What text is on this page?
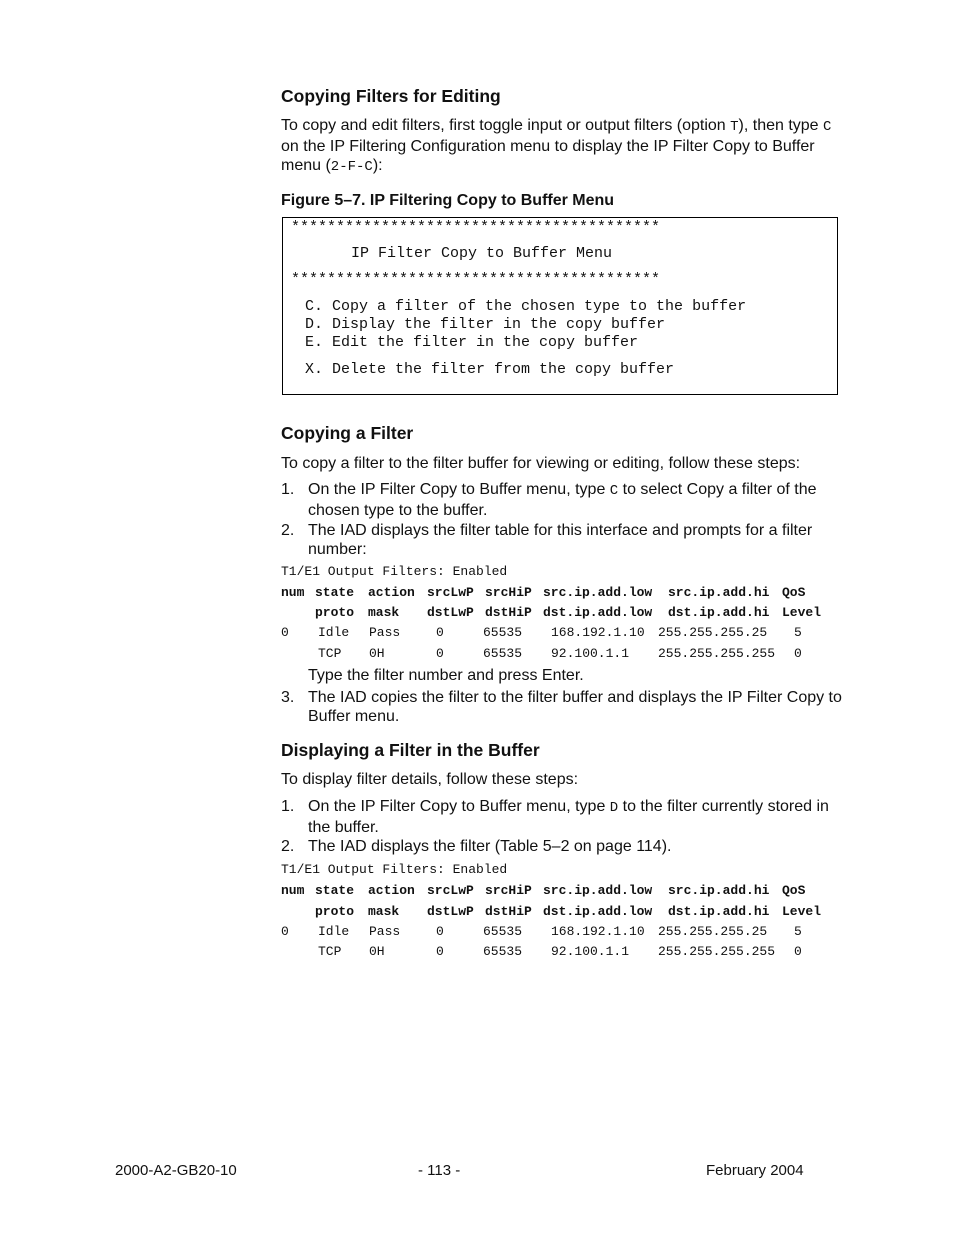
Copying Filters for Editing

To copy and edit filters, first toggle input or output filters (option T), then type C on the IP Filtering Configuration menu to display the IP Filter Copy to Buffer menu (2-F-C):

Figure 5–7. IP Filtering Copy to Buffer Menu
*****************************************
IP Filter Copy to Buffer Menu
*****************************************
C. Copy a filter of the chosen type to the buffer
D. Display the filter in the copy buffer
E. Edit the filter in the copy buffer
X. Delete the filter from the copy buffer
Copying a Filter

To copy a filter to the filter buffer for viewing or editing, follow these steps:

1. On the IP Filter Copy to Buffer menu, type C to select Copy a filter of the chosen type to the buffer.
2. The IAD displays the filter table for this interface and prompts for a filter number:
T1/E1 Output Filters: Enabled
num state action srcLwP srcHiP src.ip.add.low src.ip.add.hi QoS
proto mask dstLwP dstHiP dst.ip.add.low dst.ip.add.hi Level
0 Idle Pass	0	65535 168.192.1.10 255.255.255.25 5
TCP 0H	0	65535 92.100.1.1 255.255.255.255 0

Type the filter number and press Enter.

3. The IAD copies the filter to the filter buffer and displays the IP Filter Copy to Buffer menu.
Displaying a Filter in the Buffer

To display filter details, follow these steps:

1. On the IP Filter Copy to Buffer menu, type D to the filter currently stored in the buffer.
2. The IAD displays the filter (Table 5–2 on page 114).
T1/E1 Output Filters: Enabled
num state action srcLwP srcHiP src.ip.add.low src.ip.add.hi QoS
proto mask dstLwP dstHiP dst.ip.add.low dst.ip.add.hi Level
0 Idle Pass	0	65535 168.192.1.10 255.255.255.25 5
TCP 0H	0	65535 92.100.1.1 255.255.255.255 0
2000-A2-GB20-10	- 113 -	February 2004
